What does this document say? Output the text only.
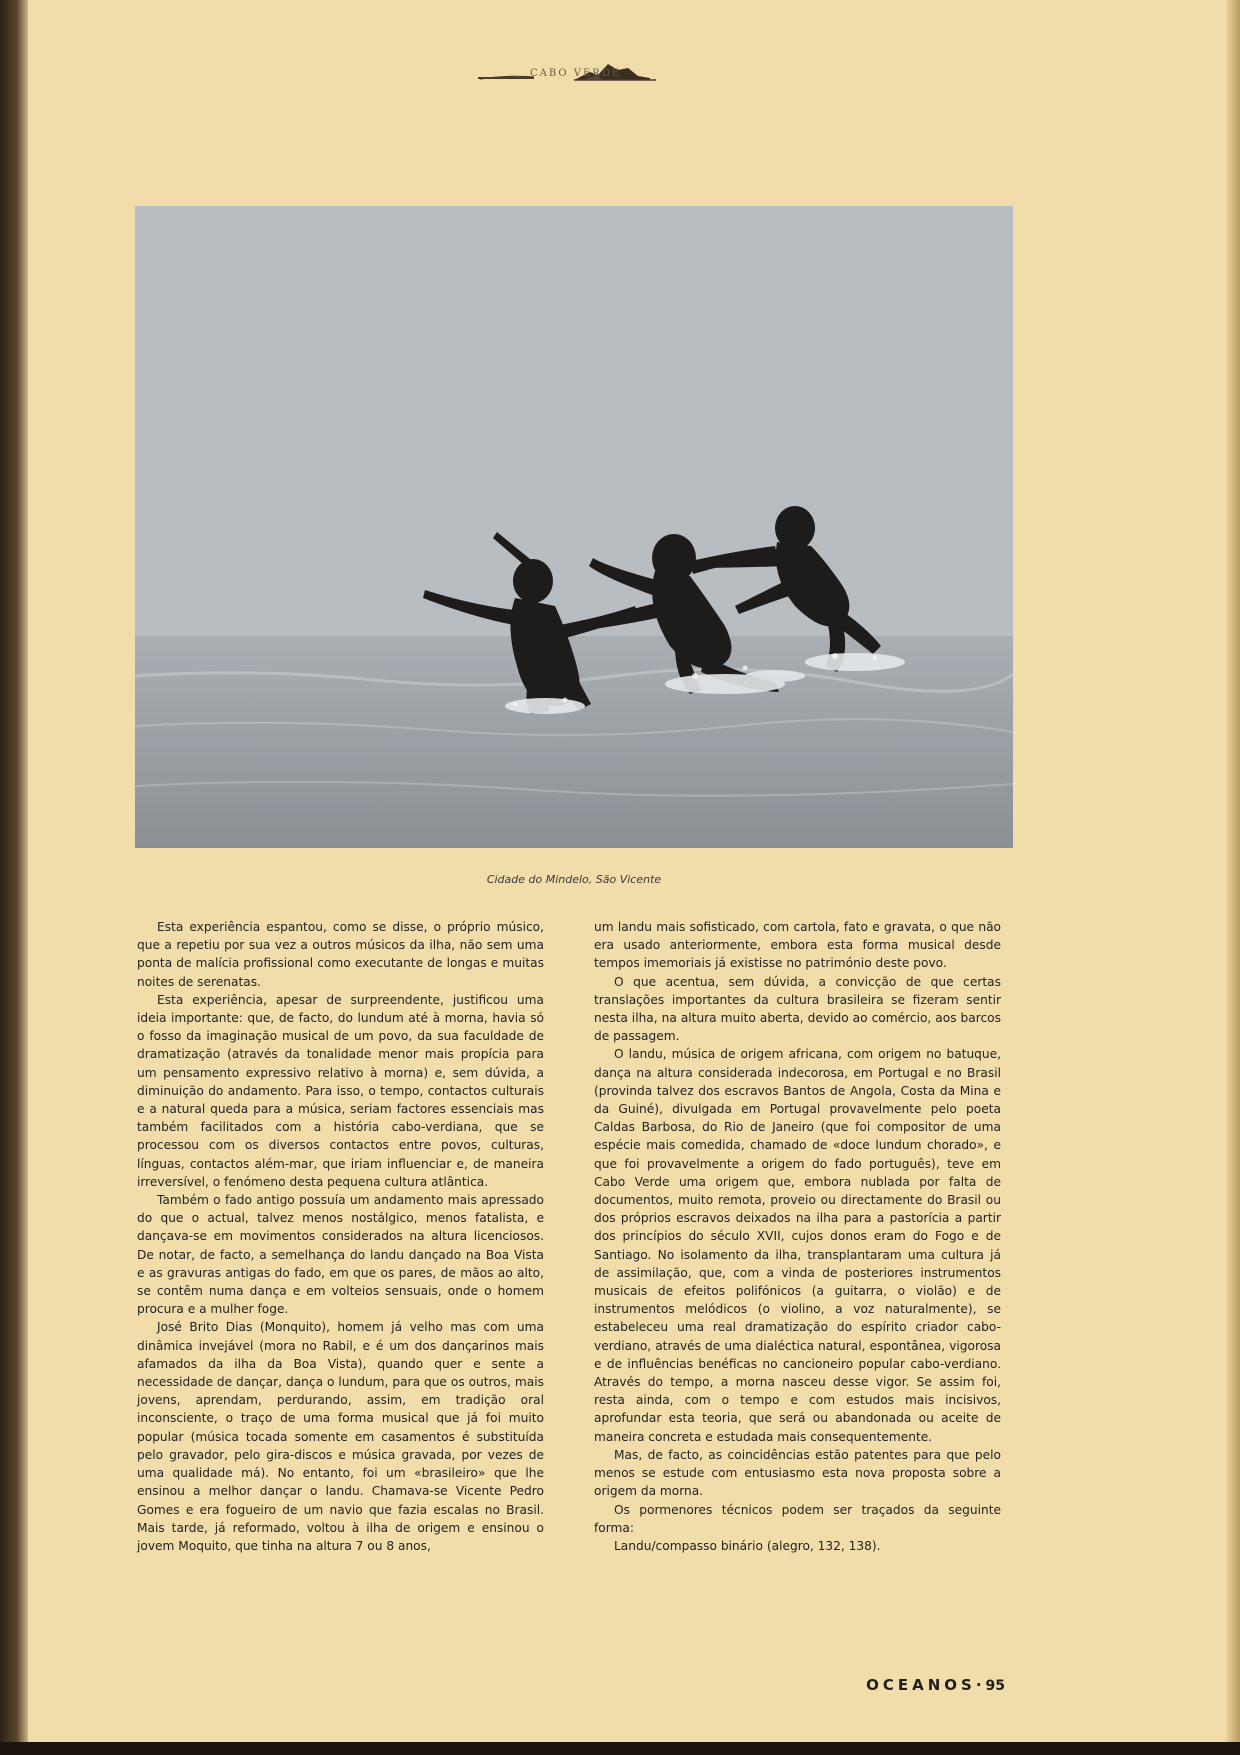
CABO VERDE
Cidade do Mindelo, São Vicente

Esta experiência espantou, como se disse, o próprio músico, que a repetiu por sua vez a outros músicos da ilha, não sem uma ponta de malícia profissional como executante de longas e muitas noites de serenatas.

Esta experiência, apesar de surpreendente, justificou uma ideia importante: que, de facto, do lundum até à morna, havia só o fosso da imaginação musical de um povo, da sua faculdade de dramatização (através da tonalidade menor mais propícia para um pensamento expressivo relativo à morna) e, sem dúvida, a diminuição do andamento. Para isso, o tempo, contactos culturais e a natural queda para a música, seriam factores essenciais mas também facilitados com a história cabo-verdiana, que se processou com os diversos contactos entre povos, culturas, línguas, contactos além-mar, que iriam influenciar e, de maneira irreversível, o fenómeno desta pequena cultura atlântica.

Também o fado antigo possuía um andamento mais apressado do que o actual, talvez menos nostálgico, menos fatalista, e dançava-se em movimentos considerados na altura licenciosos. De notar, de facto, a semelhança do landu dançado na Boa Vista e as gravuras antigas do fado, em que os pares, de mãos ao alto, se contêm numa dança e em volteios sensuais, onde o homem procura e a mulher foge.

José Brito Dias (Monquito), homem já velho mas com uma dinâmica invejável (mora no Rabil, e é um dos dançarinos mais afamados da ilha da Boa Vista), quando quer e sente a necessidade de dançar, dança o lundum, para que os outros, mais jovens, aprendam, perdurando, assim, em tradição oral inconsciente, o traço de uma forma musical que já foi muito popular (música tocada somente em casamentos é substituída pelo gravador, pelo gira-discos e música gravada, por vezes de uma qualidade má). No entanto, foi um «brasileiro» que lhe ensinou a melhor dançar o landu. Chamava-se Vicente Pedro Gomes e era fogueiro de um navio que fazia escalas no Brasil. Mais tarde, já reformado, voltou à ilha de origem e ensinou o jovem Moquito, que tinha na altura 7 ou 8 anos,

um landu mais sofisticado, com cartola, fato e gravata, o que não era usado anteriormente, embora esta forma musical desde tempos imemoriais já existisse no património deste povo.

O que acentua, sem dúvida, a convicção de que certas translações importantes da cultura brasileira se fizeram sentir nesta ilha, na altura muito aberta, devido ao comércio, aos barcos de passagem.

O landu, música de origem africana, com origem no batuque, dança na altura considerada indecorosa, em Portugal e no Brasil (provinda talvez dos escravos Bantos de Angola, Costa da Mina e da Guiné), divulgada em Portugal provavelmente pelo poeta Caldas Barbosa, do Rio de Janeiro (que foi compositor de uma espécie mais comedida, chamado de «doce lundum chorado», e que foi provavelmente a origem do fado português), teve em Cabo Verde uma origem que, embora nublada por falta de documentos, muito remota, proveio ou directamente do Brasil ou dos próprios escravos deixados na ilha para a pastorícia a partir dos princípios do século XVII, cujos donos eram do Fogo e de Santiago. No isolamento da ilha, transplantaram uma cultura já de assimilação, que, com a vinda de posteriores instrumentos musicais de efeitos polifónicos (a guitarra, o violão) e de instrumentos melódicos (o violino, a voz naturalmente), se estabeleceu uma real dramatização do espírito criador cabo-verdiano, através de uma dialéctica natural, espontânea, vigorosa e de influências benéficas no cancioneiro popular cabo-verdiano. Através do tempo, a morna nasceu desse vigor. Se assim foi, resta ainda, com o tempo e com estudos mais incisivos, aprofundar esta teoria, que será ou abandonada ou aceite de maneira concreta e estudada mais consequentemente.

Mas, de facto, as coincidências estão patentes para que pelo menos se estude com entusiasmo esta nova proposta sobre a origem da morna.

Os pormenores técnicos podem ser traçados da seguinte forma:

Landu/compasso binário (alegro, 132, 138).

OCEANOS·95
